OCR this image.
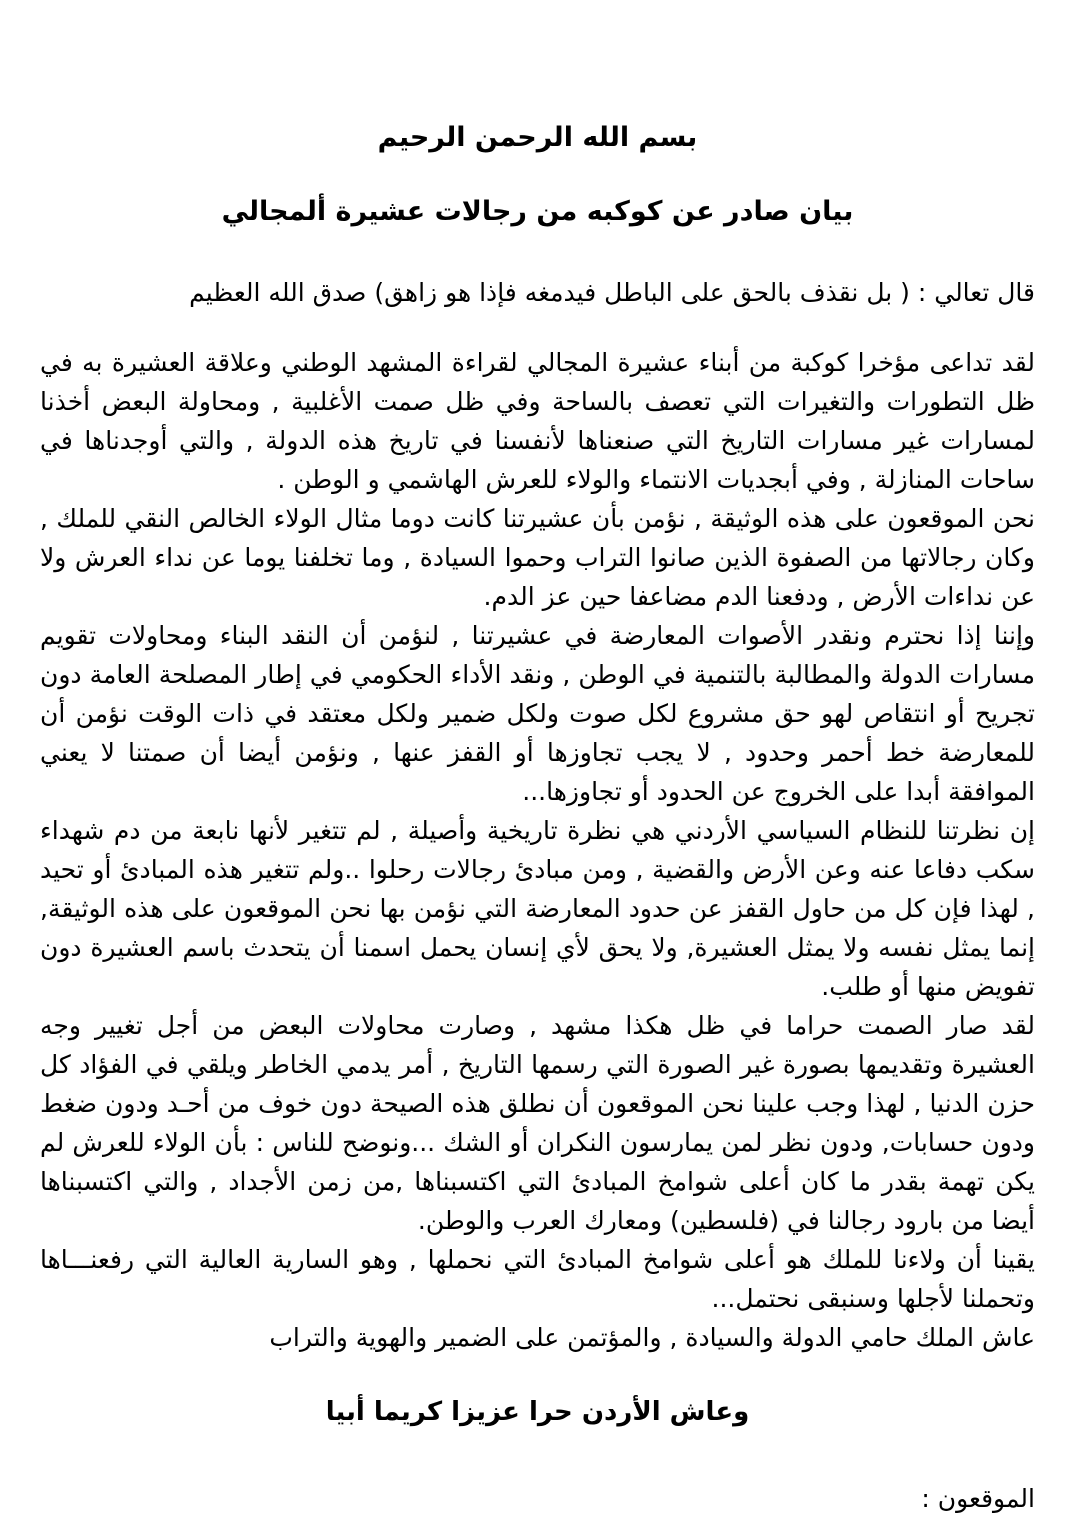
بسم الله الرحمن الرحيم
بيان صادر عن كوكبه من رجالات عشيرة ألمجالي
قال تعالي : ( بل نقذف بالحق على الباطل فيدمغه فإذا هو زاهق) صدق الله العظيم

لقد تداعى مؤخرا كوكبة من أبناء عشيرة المجالي لقراءة المشهد الوطني وعلاقة العشيرة به في ظل التطورات والتغيرات التي تعصف بالساحة وفي ظل صمت الأغلبية , ومحاولة البعض أخذنا لمسارات غير مسارات التاريخ التي صنعناها لأنفسنا في تاريخ هذه الدولة , والتي أوجدناها في ساحات المنازلة , وفي أبجديات الانتماء والولاء للعرش الهاشمي و الوطن .

نحن الموقعون على هذه الوثيقة , نؤمن بأن عشيرتنا كانت دوما مثال الولاء الخالص النقي للملك , وكان رجالاتها من الصفوة الذين صانوا التراب وحموا السيادة , وما تخلفنا يوما عن نداء العرش ولا عن نداءات الأرض , ودفعنا الدم مضاعفا حين عز الدم.

وإننا إذا نحترم ونقدر الأصوات المعارضة في عشيرتنا , لنؤمن أن النقد البناء ومحاولات تقويم مسارات الدولة والمطالبة بالتنمية في الوطن , ونقد الأداء الحكومي في إطار المصلحة العامة دون تجريح أو انتقاص لهو حق مشروع لكل صوت ولكل ضمير ولكل معتقد في ذات الوقت نؤمن أن للمعارضة خط أحمر وحدود , لا يجب تجاوزها أو القفز عنها , ونؤمن أيضا أن صمتنا لا يعني الموافقة أبدا على الخروج عن الحدود أو تجاوزها...

إن نظرتنا للنظام السياسي الأردني هي نظرة تاريخية وأصيلة , لم تتغير لأنها نابعة من دم شهداء سكب دفاعا عنه وعن الأرض والقضية , ومن مبادئ رجالات رحلوا ..ولم تتغير هذه المبادئ أو تحيد , لهذا فإن كل من حاول القفز عن حدود المعارضة التي نؤمن بها نحن الموقعون على هذه الوثيقة, إنما يمثل نفسه ولا يمثل العشيرة, ولا يحق لأي إنسان يحمل اسمنا أن يتحدث باسم العشيرة دون تفويض منها أو طلب.

لقد صار الصمت حراما في ظل هكذا مشهد , وصارت محاولات البعض من أجل تغيير وجه العشيرة وتقديمها بصورة غير الصورة التي رسمها التاريخ , أمر يدمي الخاطر ويلقي في الفؤاد كل حزن الدنيا , لهذا وجب علينا نحن الموقعون أن نطلق هذه الصيحة دون خوف من أحـد ودون ضغط ودون حسابات, ودون نظر لمن يمارسون النكران أو الشك ...ونوضح للناس : بأن الولاء للعرش لم يكن تهمة بقدر ما كان أعلى شوامخ المبادئ التي اكتسبناها ,من زمن الأجداد , والتي اكتسبناها أيضا من بارود رجالنا في (فلسطين) ومعارك العرب والوطن.

يقينا أن ولاءنا للملك هو أعلى شوامخ المبادئ التي نحملها , وهو السارية العالية التي رفعنـــاها وتحملنا لأجلها وسنبقى نحتمل...

عاش الملك حامي الدولة والسيادة , والمؤتمن على الضمير والهوية والتراب

وعاش الأردن حرا عزيزا كريما أبيا
الموقعون :
